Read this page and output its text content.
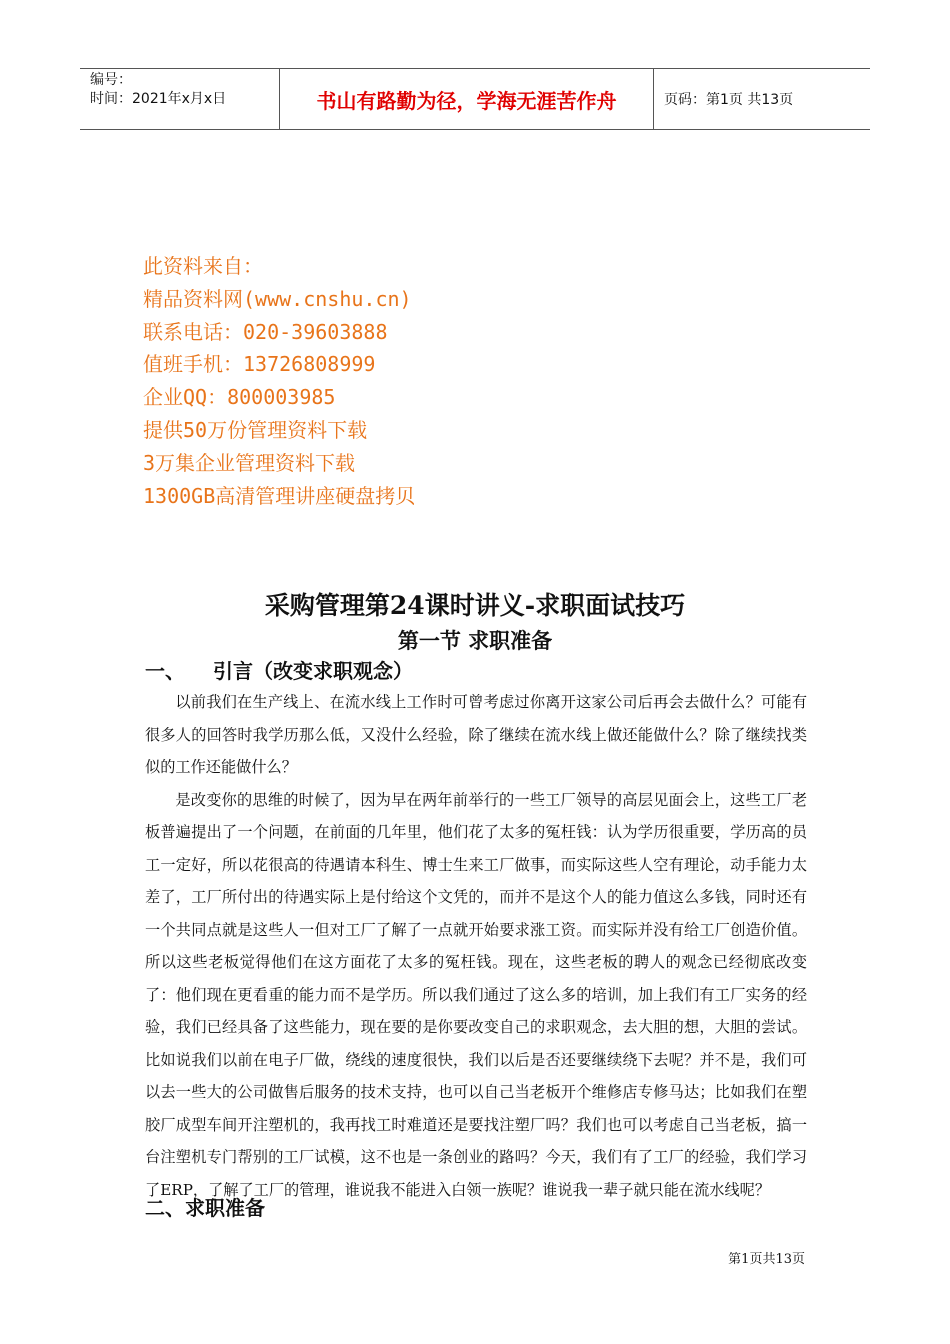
编号：
时间：2021年x月x日	书山有路勤为径，学海无涯苦作舟	页码：第1页 共13页
此资料来自：
精品资料网(www.cnshu.cn)
联系电话：020-39603888
值班手机：13726808999
企业QQ：800003985
提供50万份管理资料下载
3万集企业管理资料下载
1300GB高清管理讲座硬盘拷贝
采购管理第24课时讲义-求职面试技巧
第一节 求职准备
一、 引言（改变求职观念）

以前我们在生产线上、在流水线上工作时可曾考虑过你离开这家公司后再会去做什么？可能有很多人的回答时我学历那么低，又没什么经验，除了继续在流水线上做还能做什么？除了继续找类似的工作还能做什么？

是改变你的思维的时候了，因为早在两年前举行的一些工厂领导的高层见面会上，这些工厂老板普遍提出了一个问题，在前面的几年里，他们花了太多的冤枉钱：认为学历很重要，学历高的员工一定好，所以花很高的待遇请本科生、博士生来工厂做事，而实际这些人空有理论，动手能力太差了，工厂所付出的待遇实际上是付给这个文凭的，而并不是这个人的能力值这么多钱，同时还有一个共同点就是这些人一但对工厂了解了一点就开始要求涨工资。而实际并没有给工厂创造价值。所以这些老板觉得他们在这方面花了太多的冤枉钱。现在，这些老板的聘人的观念已经彻底改变了：他们现在更看重的能力而不是学历。所以我们通过了这么多的培训，加上我们有工厂实务的经验，我们已经具备了这些能力，现在要的是你要改变自己的求职观念，去大胆的想，大胆的尝试。比如说我们以前在电子厂做，绕线的速度很快，我们以后是否还要继续绕下去呢？并不是，我们可以去一些大的公司做售后服务的技术支持，也可以自己当老板开个维修店专修马达；比如我们在塑胶厂成型车间开注塑机的，我再找工时难道还是要找注塑厂吗？我们也可以考虑自己当老板，搞一台注塑机专门帮别的工厂试模，这不也是一条创业的路吗？今天，我们有了工厂的经验，我们学习了ERP，了解了工厂的管理，谁说我不能进入白领一族呢？谁说我一辈子就只能在流水线呢？

二、求职准备
第1页共13页
